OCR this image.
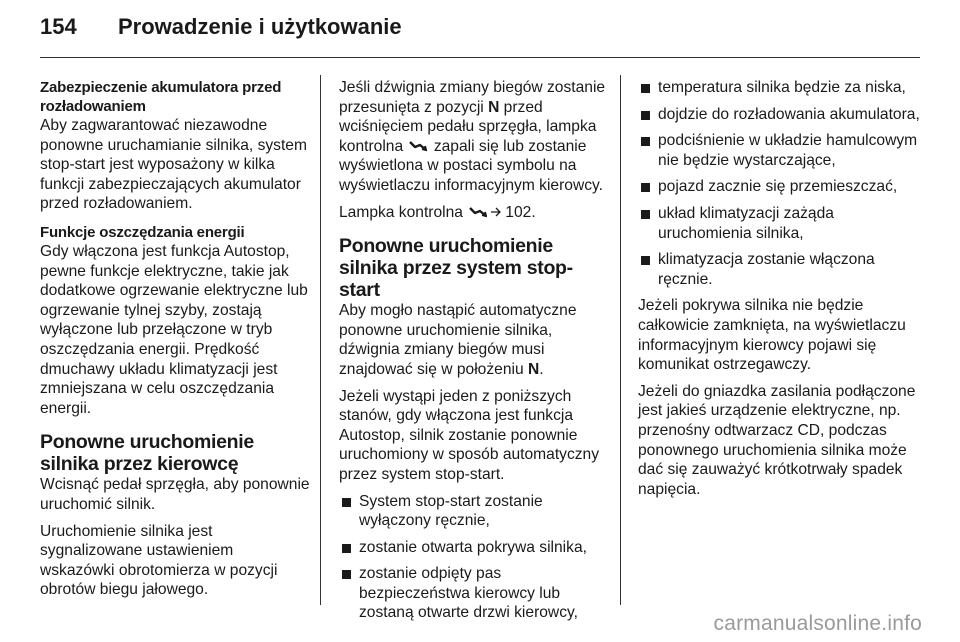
154	Prowadzenie i użytkowanie
Zabezpieczenie akumulatora przed rozładowaniem

Aby zagwarantować niezawodne ponowne uruchamianie silnika, system stop-start jest wyposażony w kilka funkcji zabezpieczających akumulator przed rozładowaniem.

Funkcje oszczędzania energii

Gdy włączona jest funkcja Autostop, pewne funkcje elektryczne, takie jak dodatkowe ogrzewanie elektryczne lub ogrzewanie tylnej szyby, zostają wyłączone lub przełączone w tryb oszczędzania energii. Prędkość dmuchawy układu klimatyzacji jest zmniejszana w celu oszczędzania energii.

Ponowne uruchomienie silnika przez kierowcę

Wcisnąć pedał sprzęgła, aby ponownie uruchomić silnik.

Uruchomienie silnika jest sygnalizowane ustawieniem wskazówki obrotomierza w pozycji obrotów biegu jałowego.

Jeśli dźwignia zmiany biegów zostanie przesunięta z pozycji N przed wciśnięciem pedału sprzęgła, lampka kontrolna  zapali się lub zostanie wyświetlona w postaci symbolu na wyświetlaczu informacyjnym kierowcy.

Lampka kontrolna 102.

Ponowne uruchomienie silnika przez system stop-start

Aby mogło nastąpić automatyczne ponowne uruchomienie silnika, dźwignia zmiany biegów musi znajdować się w położeniu N.

Jeżeli wystąpi jeden z poniższych stanów, gdy włączona jest funkcja Autostop, silnik zostanie ponownie uruchomiony w sposób automatyczny przez system stop-start.

System stop-start zostanie wyłączony ręcznie,
zostanie otwarta pokrywa silnika,
zostanie odpięty pas bezpieczeństwa kierowcy lub zostaną otwarte drzwi kierowcy,
temperatura silnika będzie za niska,
dojdzie do rozładowania akumulatora,
podciśnienie w układzie hamulcowym nie będzie wystarczające,
pojazd zacznie się przemieszczać,
układ klimatyzacji zażąda uruchomienia silnika,
klimatyzacja zostanie włączona ręcznie.

Jeżeli pokrywa silnika nie będzie całkowicie zamknięta, na wyświetlaczu informacyjnym kierowcy pojawi się komunikat ostrzegawczy.

Jeżeli do gniazdka zasilania podłączone jest jakieś urządzenie elektryczne, np. przenośny odtwarzacz CD, podczas ponownego uruchomienia silnika może dać się zauważyć krótkotrwały spadek napięcia.

carmanualsonline.info
